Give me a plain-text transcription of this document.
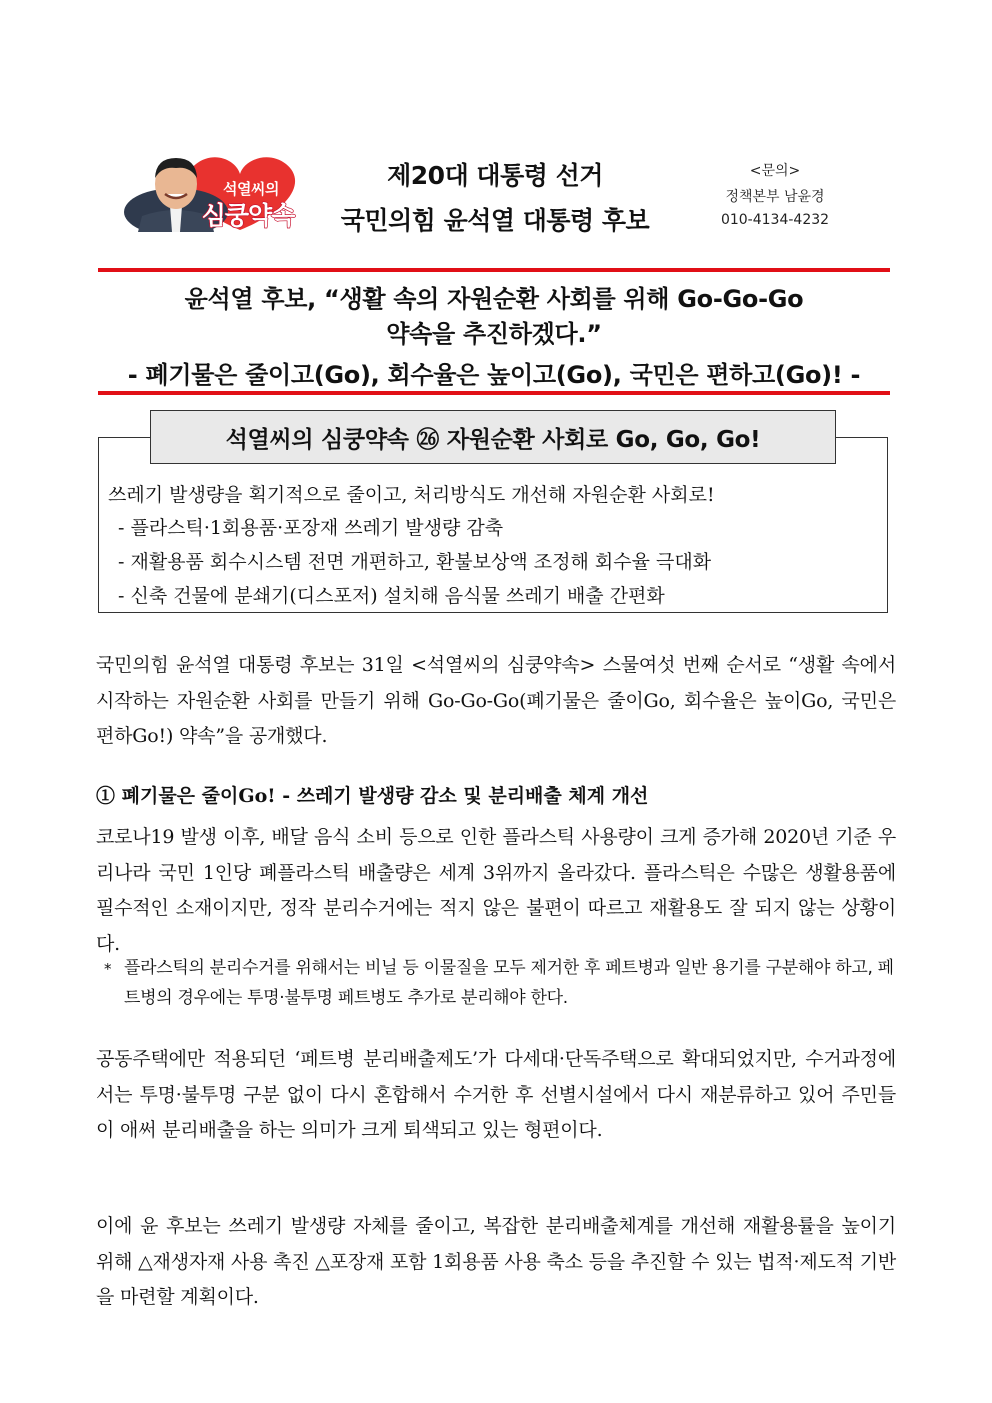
석열씨의
심쿵약속
제20대 대통령 선거
국민의힘 윤석열 대통령 후보
<문의>
정책본부 남윤경
010-4134-4232
윤석열 후보, “생활 속의 자원순환 사회를 위해 Go-Go-Go
약속을 추진하겠다.”
- 폐기물은 줄이고(Go), 회수율은 높이고(Go), 국민은 편하고(Go)! -
석열씨의 심쿵약속 ㉖ 자원순환 사회로 Go, Go, Go!
쓰레기 발생량을 획기적으로 줄이고, 처리방식도 개선해 자원순환 사회로!
- 플라스틱·1회용품·포장재 쓰레기 발생량 감축
- 재활용품 회수시스템 전면 개편하고, 환불보상액 조정해 회수율 극대화
- 신축 건물에 분쇄기(디스포저) 설치해 음식물 쓰레기 배출 간편화
국민의힘 윤석열 대통령 후보는 31일 <석열씨의 심쿵약속> 스물여섯 번째 순서로 “생활 속에서 시작하는 자원순환 사회를 만들기 위해 Go-Go-Go(폐기물은 줄이Go, 회수율은 높이Go, 국민은 편하Go!) 약속”을 공개했다.
① 폐기물은 줄이Go! - 쓰레기 발생량 감소 및 분리배출 체계 개선
코로나19 발생 이후, 배달 음식 소비 등으로 인한 플라스틱 사용량이 크게 증가해 2020년 기준 우리나라 국민 1인당 폐플라스틱 배출량은 세계 3위까지 올라갔다. 플라스틱은 수많은 생활용품에 필수적인 소재이지만, 정작 분리수거에는 적지 않은 불편이 따르고 재활용도 잘 되지 않는 상황이다.
* 플라스틱의 분리수거를 위해서는 비닐 등 이물질을 모두 제거한 후 페트병과 일반 용기를 구분해야 하고, 페트병의 경우에는 투명·불투명 페트병도 추가로 분리해야 한다.
공동주택에만 적용되던 ‘페트병 분리배출제도’가 다세대·단독주택으로 확대되었지만, 수거과정에서는 투명·불투명 구분 없이 다시 혼합해서 수거한 후 선별시설에서 다시 재분류하고 있어 주민들이 애써 분리배출을 하는 의미가 크게 퇴색되고 있는 형편이다.
이에 윤 후보는 쓰레기 발생량 자체를 줄이고, 복잡한 분리배출체계를 개선해 재활용률을 높이기 위해 △재생자재 사용 촉진 △포장재 포함 1회용품 사용 축소 등을 추진할 수 있는 법적·제도적 기반을 마련할 계획이다.
